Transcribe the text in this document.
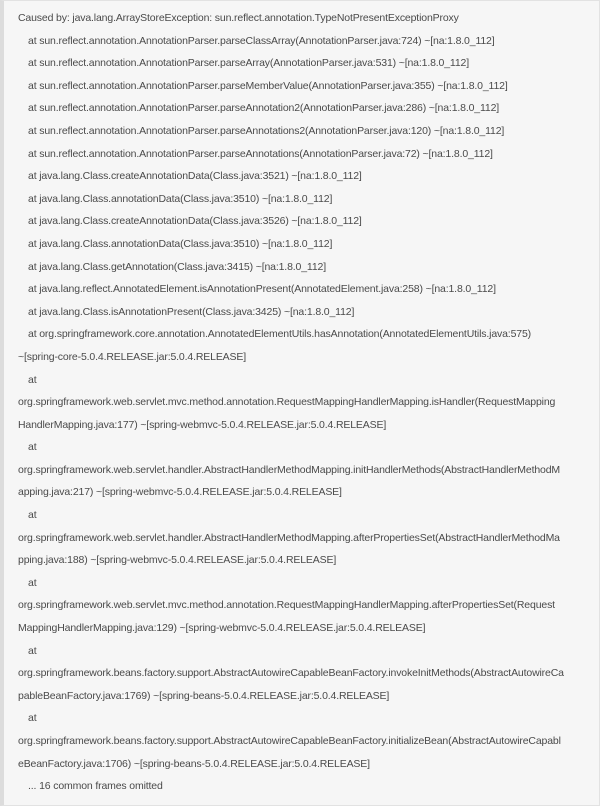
Caused by: java.lang.ArrayStoreException: sun.reflect.annotation.TypeNotPresentExceptionProxy
at sun.reflect.annotation.AnnotationParser.parseClassArray(AnnotationParser.java:724) ~[na:1.8.0_112]
at sun.reflect.annotation.AnnotationParser.parseArray(AnnotationParser.java:531) ~[na:1.8.0_112]
at sun.reflect.annotation.AnnotationParser.parseMemberValue(AnnotationParser.java:355) ~[na:1.8.0_112]
at sun.reflect.annotation.AnnotationParser.parseAnnotation2(AnnotationParser.java:286) ~[na:1.8.0_112]
at sun.reflect.annotation.AnnotationParser.parseAnnotations2(AnnotationParser.java:120) ~[na:1.8.0_112]
at sun.reflect.annotation.AnnotationParser.parseAnnotations(AnnotationParser.java:72) ~[na:1.8.0_112]
at java.lang.Class.createAnnotationData(Class.java:3521) ~[na:1.8.0_112]
at java.lang.Class.annotationData(Class.java:3510) ~[na:1.8.0_112]
at java.lang.Class.createAnnotationData(Class.java:3526) ~[na:1.8.0_112]
at java.lang.Class.annotationData(Class.java:3510) ~[na:1.8.0_112]
at java.lang.Class.getAnnotation(Class.java:3415) ~[na:1.8.0_112]
at java.lang.reflect.AnnotatedElement.isAnnotationPresent(AnnotatedElement.java:258) ~[na:1.8.0_112]
at java.lang.Class.isAnnotationPresent(Class.java:3425) ~[na:1.8.0_112]
at org.springframework.core.annotation.AnnotatedElementUtils.hasAnnotation(AnnotatedElementUtils.java:575)
~[spring-core-5.0.4.RELEASE.jar:5.0.4.RELEASE]
at
org.springframework.web.servlet.mvc.method.annotation.RequestMappingHandlerMapping.isHandler(RequestMapping
HandlerMapping.java:177) ~[spring-webmvc-5.0.4.RELEASE.jar:5.0.4.RELEASE]
at
org.springframework.web.servlet.handler.AbstractHandlerMethodMapping.initHandlerMethods(AbstractHandlerMethodM
apping.java:217) ~[spring-webmvc-5.0.4.RELEASE.jar:5.0.4.RELEASE]
at
org.springframework.web.servlet.handler.AbstractHandlerMethodMapping.afterPropertiesSet(AbstractHandlerMethodMa
pping.java:188) ~[spring-webmvc-5.0.4.RELEASE.jar:5.0.4.RELEASE]
at
org.springframework.web.servlet.mvc.method.annotation.RequestMappingHandlerMapping.afterPropertiesSet(Request
MappingHandlerMapping.java:129) ~[spring-webmvc-5.0.4.RELEASE.jar:5.0.4.RELEASE]
at
org.springframework.beans.factory.support.AbstractAutowireCapableBeanFactory.invokeInitMethods(AbstractAutowireCa
pableBeanFactory.java:1769) ~[spring-beans-5.0.4.RELEASE.jar:5.0.4.RELEASE]
at
org.springframework.beans.factory.support.AbstractAutowireCapableBeanFactory.initializeBean(AbstractAutowireCapabl
eBeanFactory.java:1706) ~[spring-beans-5.0.4.RELEASE.jar:5.0.4.RELEASE]
... 16 common frames omitted
